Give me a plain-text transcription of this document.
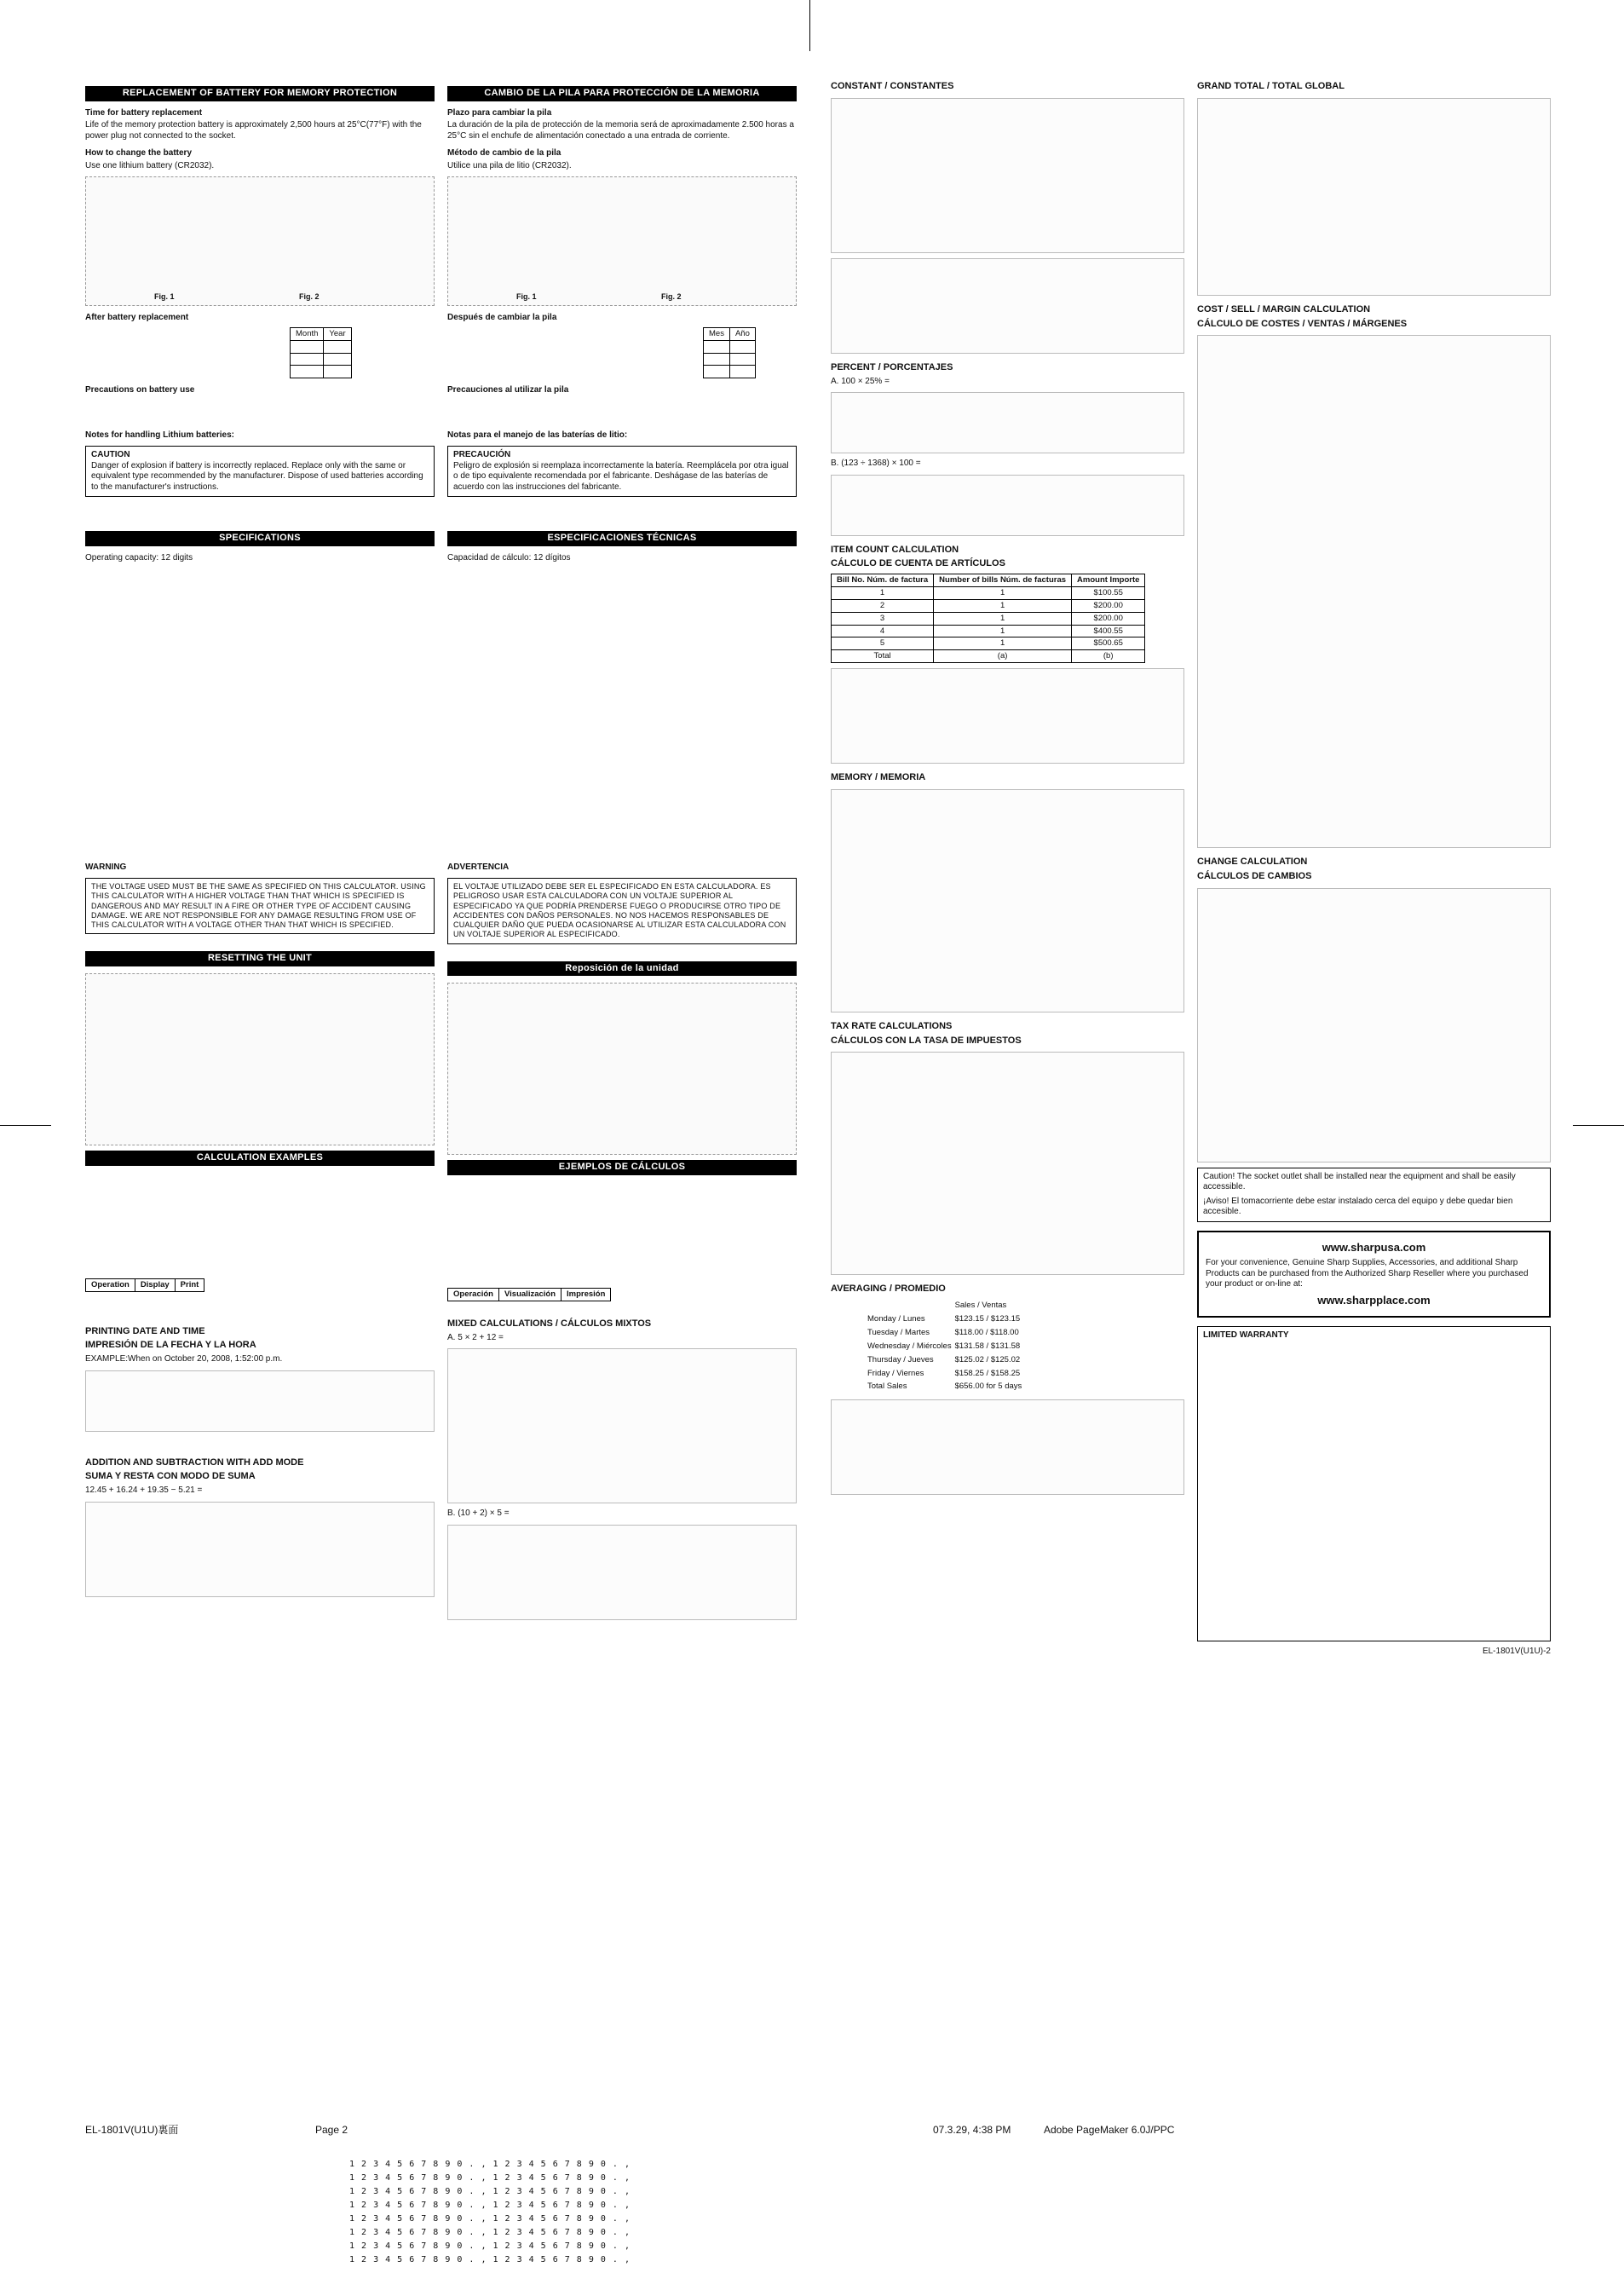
REPLACEMENT OF BATTERY FOR MEMORY PROTECTION
Time for battery replacement
Life of the memory protection battery is approximately 2,500 hours at 25°C(77°F) with the power plug not connected to the socket.
How to change the battery
Use one lithium battery (CR2032).
Fig. 1	Fig. 2
After battery replacement
Month	Year

Precautions on battery use
Notes for handling Lithium batteries:
CAUTION
Danger of explosion if battery is incorrectly replaced. Replace only with the same or equivalent type recommended by the manufacturer. Dispose of used batteries according to the manufacturer's instructions.
SPECIFICATIONS
Operating capacity: 12 digits
WARNING
THE VOLTAGE USED MUST BE THE SAME AS SPECIFIED ON THIS CALCULATOR. USING THIS CALCULATOR WITH A HIGHER VOLTAGE THAN THAT WHICH IS SPECIFIED IS DANGEROUS AND MAY RESULT IN A FIRE OR OTHER TYPE OF ACCIDENT CAUSING DAMAGE. WE ARE NOT RESPONSIBLE FOR ANY DAMAGE RESULTING FROM USE OF THIS CALCULATOR WITH A VOLTAGE OTHER THAN THAT WHICH IS SPECIFIED.
RESETTING THE UNIT
CALCULATION EXAMPLES
Operation	Display	Print
PRINTING DATE AND TIME
IMPRESIÓN DE LA FECHA Y LA HORA
EXAMPLE:When on October 20, 2008, 1:52:00 p.m.
ADDITION AND SUBTRACTION WITH ADD MODE
SUMA Y RESTA CON MODO DE SUMA
12.45 + 16.24 + 19.35 − 5.21 =
CAMBIO DE LA PILA PARA PROTECCIÓN DE LA MEMORIA
Plazo para cambiar la pila
La duración de la pila de protección de la memoria será de aproximadamente 2.500 horas a 25°C sin el enchufe de alimentación conectado a una entrada de corriente.
Método de cambio de la pila
Utilice una pila de litio (CR2032).
Fig. 1	Fig. 2
Después de cambiar la pila
Mes	Año

Precauciones al utilizar la pila
Notas para el manejo de las baterías de litio:
PRECAUCIÓN
Peligro de explosión si reemplaza incorrectamente la batería. Reemplácela por otra igual o de tipo equivalente recomendada por el fabricante. Deshágase de las baterías de acuerdo con las instrucciones del fabricante.
ESPECIFICACIONES TÉCNICAS
Capacidad de cálculo: 12 dígitos
ADVERTENCIA
EL VOLTAJE UTILIZADO DEBE SER EL ESPECIFICADO EN ESTA CALCULADORA. ES PELIGROSO USAR ESTA CALCULADORA CON UN VOLTAJE SUPERIOR AL ESPECIFICADO YA QUE PODRÍA PRENDERSE FUEGO O PRODUCIRSE OTRO TIPO DE ACCIDENTES CON DAÑOS PERSONALES. NO NOS HACEMOS RESPONSABLES DE CUALQUIER DAÑO QUE PUEDA OCASIONARSE AL UTILIZAR ESTA CALCULADORA CON UN VOLTAJE SUPERIOR AL ESPECIFICADO.
Reposición de la unidad
EJEMPLOS DE CÁLCULOS
Operación	Visualización	Impresión
MIXED CALCULATIONS / CÁLCULOS MIXTOS
A. 5 × 2 + 12 =
B. (10 + 2) × 5 =
CONSTANT / CONSTANTES
PERCENT / PORCENTAJES
A. 100 × 25% =
B. (123 ÷ 1368) × 100 =
ITEM COUNT CALCULATION
CÁLCULO DE CUENTA DE ARTÍCULOS
Bill No. Núm. de factura	Number of bills Núm. de facturas	Amount Importe
1	1	$100.55
2	1	$200.00
3	1	$200.00
4	1	$400.55
5	1	$500.65
Total	(a)	(b)
MEMORY / MEMORIA
TAX RATE CALCULATIONS
CÁLCULOS CON LA TASA DE IMPUESTOS
AVERAGING / PROMEDIO
	Sales / Ventas
Monday / Lunes	$123.15 / $123.15
Tuesday / Martes	$118.00 / $118.00
Wednesday / Miércoles	$131.58 / $131.58
Thursday / Jueves	$125.02 / $125.02
Friday / Viernes	$158.25 / $158.25
Total Sales	$656.00 for 5 days
GRAND TOTAL / TOTAL GLOBAL
COST / SELL / MARGIN CALCULATION
CÁLCULO DE COSTES / VENTAS / MÁRGENES
CHANGE CALCULATION
CÁLCULOS DE CAMBIOS
Caution! The socket outlet shall be installed near the equipment and shall be easily accessible.
¡Aviso! El tomacorriente debe estar instalado cerca del equipo y debe quedar bien accesible.
www.sharpusa.com
For your convenience, Genuine Sharp Supplies, Accessories, and additional Sharp Products can be purchased from the Authorized Sharp Reseller where you purchased your product or on-line at:
www.sharpplace.com
LIMITED WARRANTY
EL-1801V(U1U)-2
EL-1801V(U1U)裏面	Page 2	07.3.29, 4:38 PM	Adobe PageMaker 6.0J/PPC
1 2 3 4 5 6 7 8 9 0 . , 1 2 3 4 5 6 7 8 9 0 . ,
1 2 3 4 5 6 7 8 9 0 . , 1 2 3 4 5 6 7 8 9 0 . ,
1 2 3 4 5 6 7 8 9 0 . , 1 2 3 4 5 6 7 8 9 0 . ,
1 2 3 4 5 6 7 8 9 0 . , 1 2 3 4 5 6 7 8 9 0 . ,
1 2 3 4 5 6 7 8 9 0 . , 1 2 3 4 5 6 7 8 9 0 . ,
1 2 3 4 5 6 7 8 9 0 . , 1 2 3 4 5 6 7 8 9 0 . ,
1 2 3 4 5 6 7 8 9 0 . , 1 2 3 4 5 6 7 8 9 0 . ,
1 2 3 4 5 6 7 8 9 0 . , 1 2 3 4 5 6 7 8 9 0 . ,
